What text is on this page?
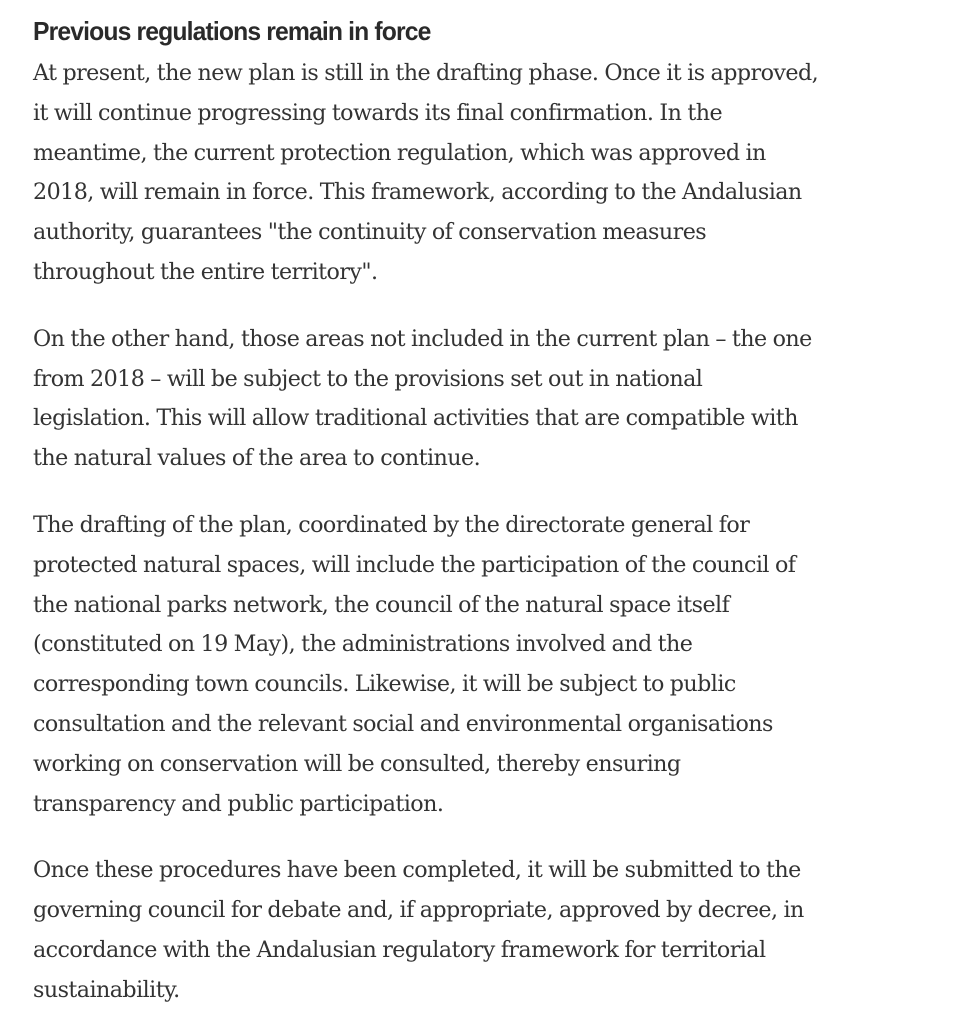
Previous regulations remain in force

At present, the new plan is still in the drafting phase. Once it is approved,
it will continue progressing towards its final confirmation. In the
meantime, the current protection regulation, which was approved in
2018, will remain in force. This framework, according to the Andalusian
authority, guarantees "the continuity of conservation measures
throughout the entire territory".

On the other hand, those areas not included in the current plan – the one
from 2018 – will be subject to the provisions set out in national
legislation. This will allow traditional activities that are compatible with
the natural values of the area to continue.

The drafting of the plan, coordinated by the directorate general for
protected natural spaces, will include the participation of the council of
the national parks network, the council of the natural space itself
(constituted on 19 May), the administrations involved and the
corresponding town councils. Likewise, it will be subject to public
consultation and the relevant social and environmental organisations
working on conservation will be consulted, thereby ensuring
transparency and public participation.

Once these procedures have been completed, it will be submitted to the
governing council for debate and, if appropriate, approved by decree, in
accordance with the Andalusian regulatory framework for territorial
sustainability.
